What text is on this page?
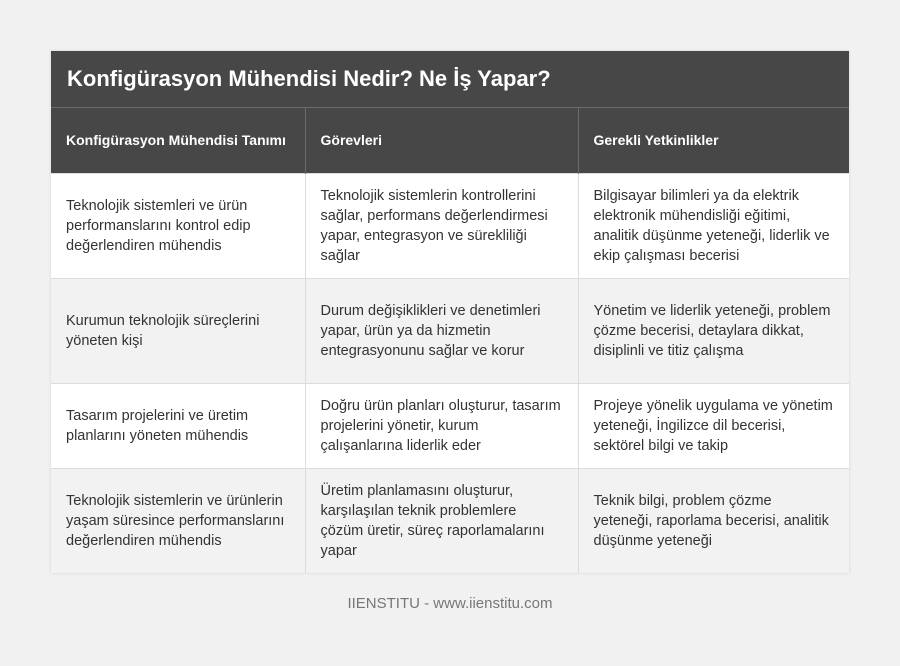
Konfigürasyon Mühendisi Nedir? Ne İş Yapar?
Konfigürasyon Mühendisi Tanımı	Görevleri	Gerekli Yetkinlikler
Teknolojik sistemleri ve ürün performanslarını kontrol edip değerlendiren mühendis	Teknolojik sistemlerin kontrollerini sağlar, performans değerlendirmesi yapar, entegrasyon ve sürekliliği sağlar	Bilgisayar bilimleri ya da elektrik elektronik mühendisliği eğitimi, analitik düşünme yeteneği, liderlik ve ekip çalışması becerisi
Kurumun teknolojik süreçlerini yöneten kişi	Durum değişiklikleri ve denetimleri yapar, ürün ya da hizmetin entegrasyonunu sağlar ve korur	Yönetim ve liderlik yeteneği, problem çözme becerisi, detaylara dikkat, disiplinli ve titiz çalışma
Tasarım projelerini ve üretim planlarını yöneten mühendis	Doğru ürün planları oluşturur, tasarım projelerini yönetir, kurum çalışanlarına liderlik eder	Projeye yönelik uygulama ve yönetim yeteneği, İngilizce dil becerisi, sektörel bilgi ve takip
Teknolojik sistemlerin ve ürünlerin yaşam süresince performanslarını değerlendiren mühendis	Üretim planlamasını oluşturur, karşılaşılan teknik problemlere çözüm üretir, süreç raporlamalarını yapar	Teknik bilgi, problem çözme yeteneği, raporlama becerisi, analitik düşünme yeteneği
IIENSTITU - www.iienstitu.com
